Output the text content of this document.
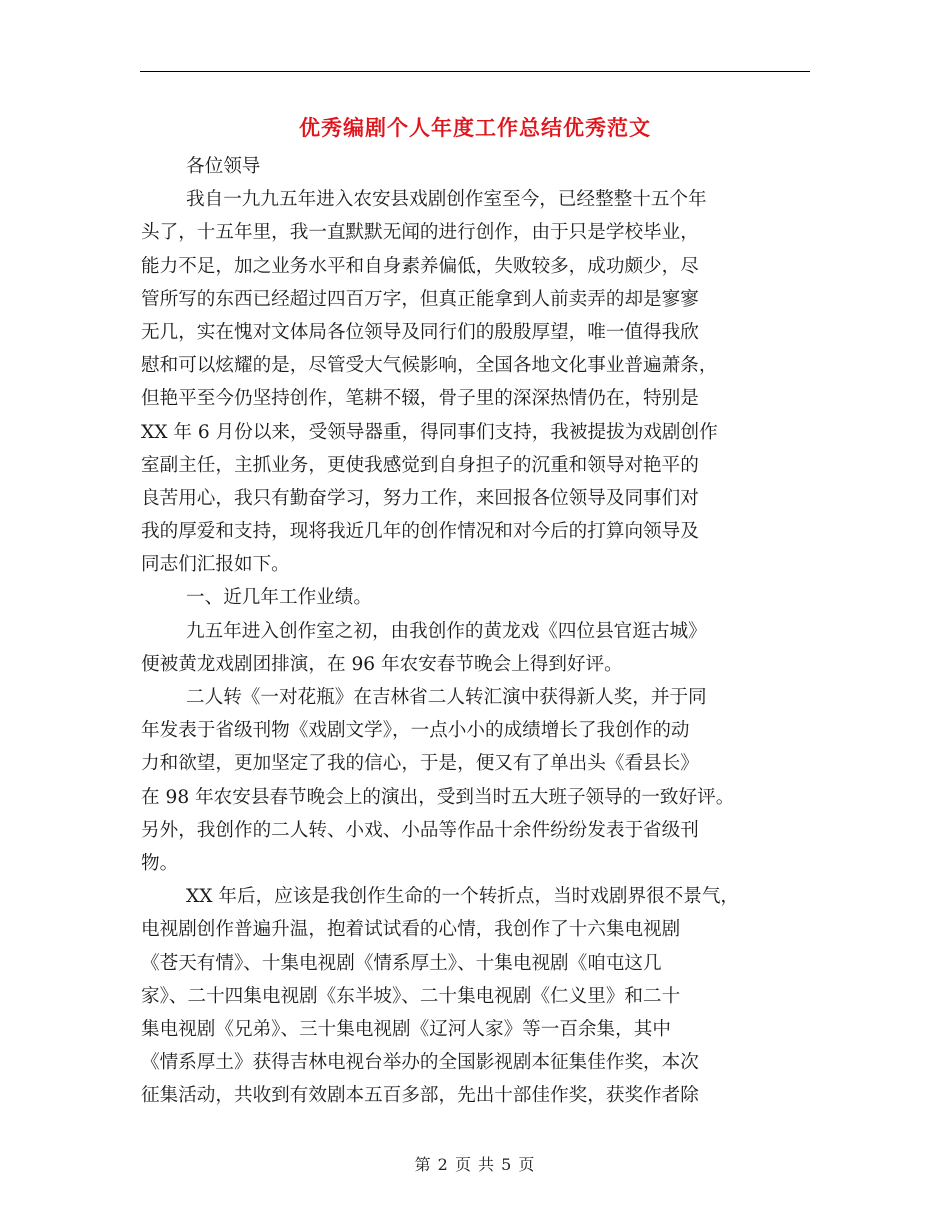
优秀编剧个人年度工作总结优秀范文
各位领导
我自一九九五年进入农安县戏剧创作室至今，已经整整十五个年
头了，十五年里，我一直默默无闻的进行创作，由于只是学校毕业，
能力不足，加之业务水平和自身素养偏低，失败较多，成功颇少，尽
管所写的东西已经超过四百万字，但真正能拿到人前卖弄的却是寥寥
无几，实在愧对文体局各位领导及同行们的殷殷厚望，唯一值得我欣
慰和可以炫耀的是，尽管受大气候影响，全国各地文化事业普遍萧条，
但艳平至今仍坚持创作，笔耕不辍，骨子里的深深热情仍在，特别是
XX 年 6 月份以来，受领导器重，得同事们支持，我被提拔为戏剧创作
室副主任，主抓业务，更使我感觉到自身担子的沉重和领导对艳平的
良苦用心，我只有勤奋学习，努力工作，来回报各位领导及同事们对
我的厚爱和支持，现将我近几年的创作情况和对今后的打算向领导及
同志们汇报如下。
一、近几年工作业绩。
九五年进入创作室之初，由我创作的黄龙戏《四位县官逛古城》
便被黄龙戏剧团排演，在 96 年农安春节晚会上得到好评。
二人转《一对花瓶》在吉林省二人转汇演中获得新人奖，并于同
年发表于省级刊物《戏剧文学》，一点小小的成绩增长了我创作的动
力和欲望，更加坚定了我的信心，于是，便又有了单出头《看县长》
在 98 年农安县春节晚会上的演出，受到当时五大班子领导的一致好评。
另外，我创作的二人转、小戏、小品等作品十余件纷纷发表于省级刊
物。
XX 年后，应该是我创作生命的一个转折点，当时戏剧界很不景气，
电视剧创作普遍升温，抱着试试看的心情，我创作了十六集电视剧
《苍天有情》、十集电视剧《情系厚土》、十集电视剧《咱屯这几
家》、二十四集电视剧《东半坡》、二十集电视剧《仁义里》和二十
集电视剧《兄弟》、三十集电视剧《辽河人家》等一百余集，其中
《情系厚土》获得吉林电视台举办的全国影视剧本征集佳作奖，本次
征集活动，共收到有效剧本五百多部，先出十部佳作奖，获奖作者除
第 2 页 共 5 页
